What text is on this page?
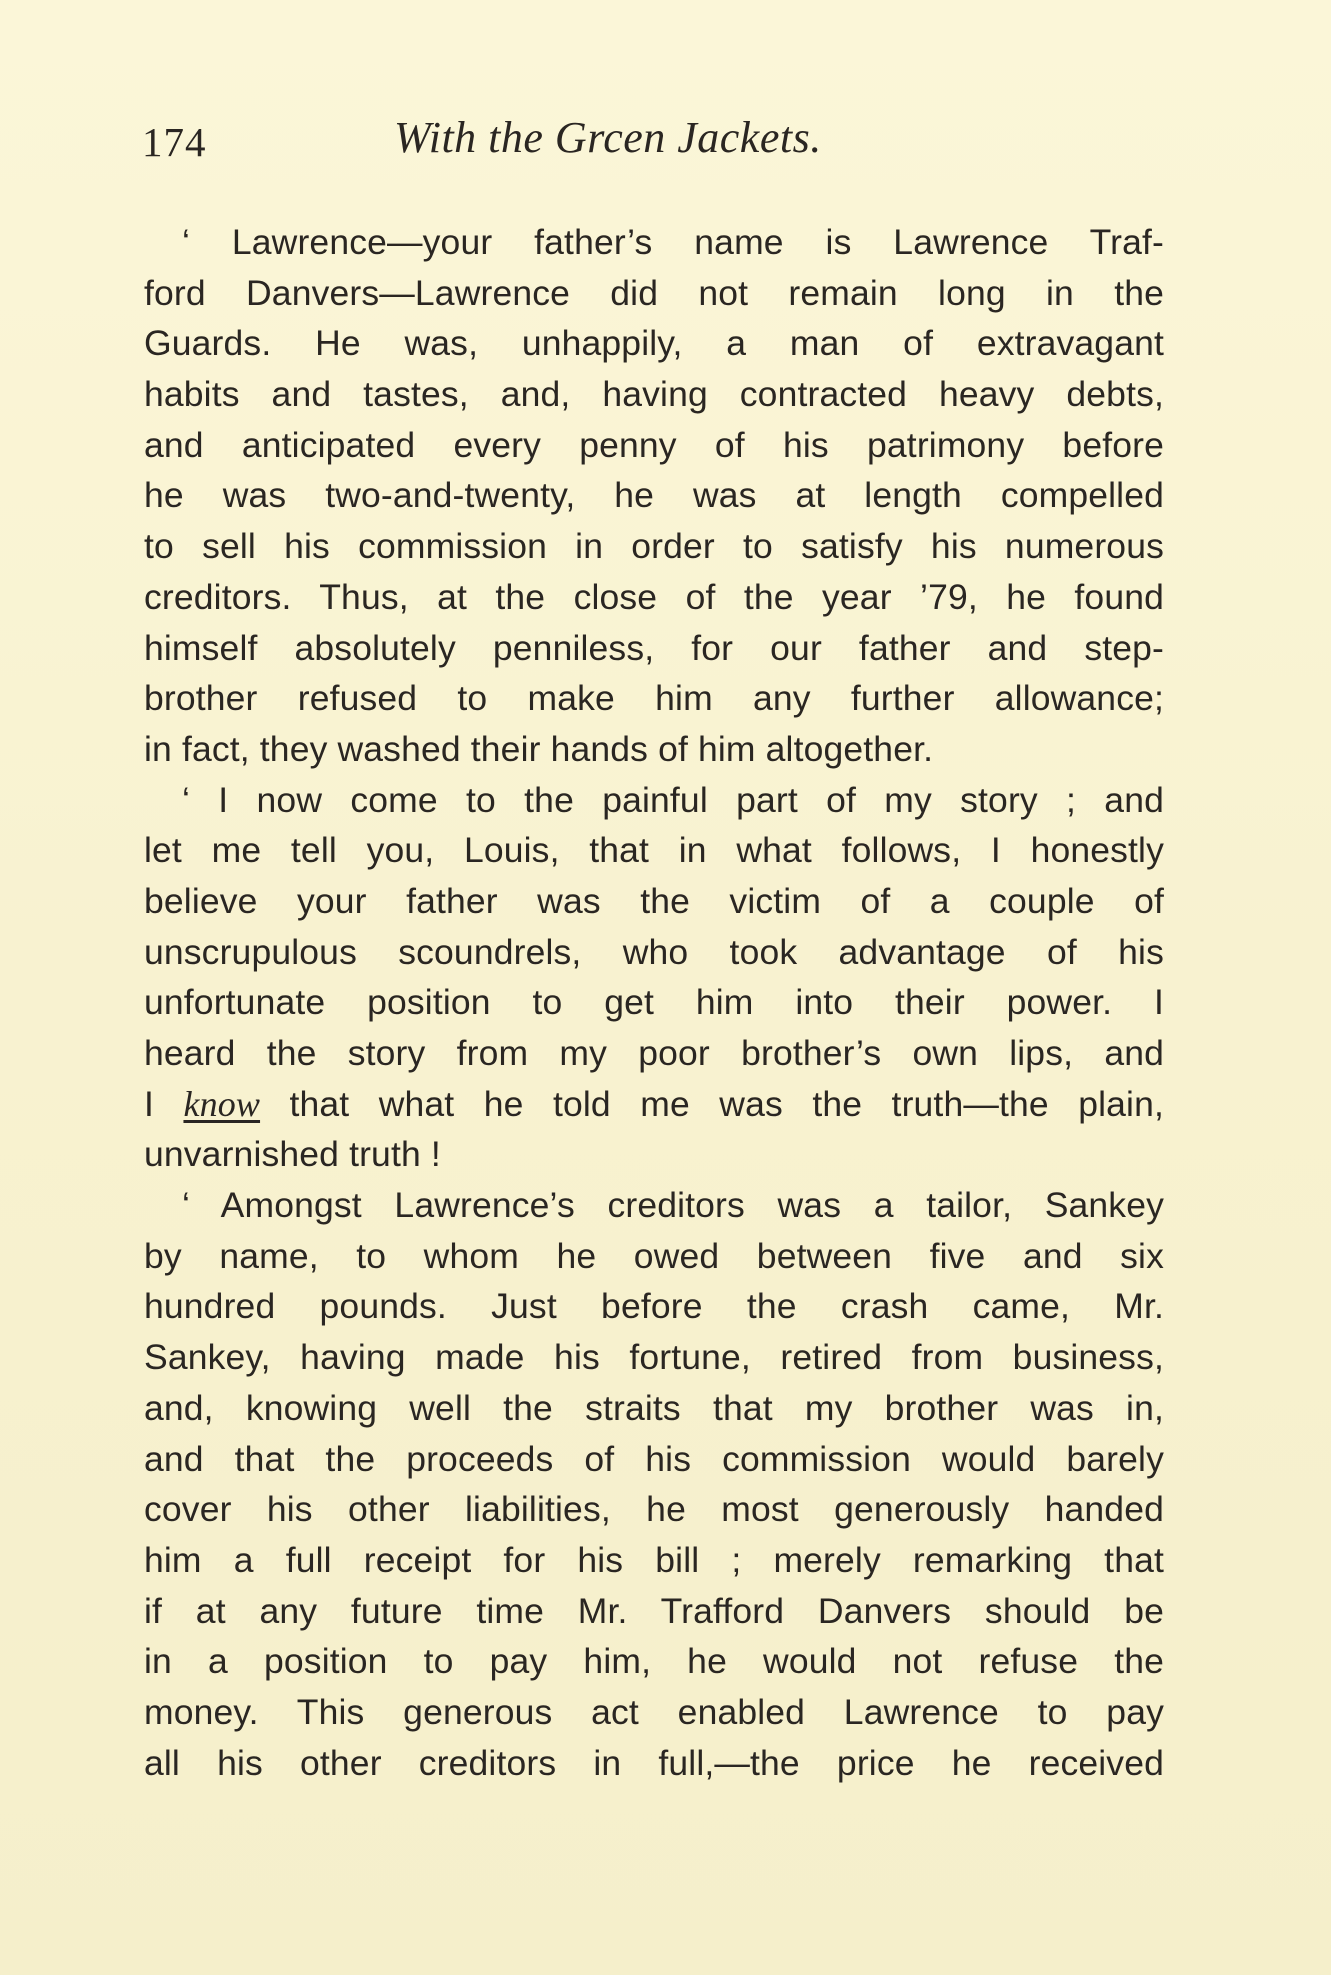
174	With the Grcen Jackets.
‘ Lawrence—your father’s name is Lawrence Traf-
ford Danvers—Lawrence did not remain long in the
Guards. He was, unhappily, a man of extravagant
habits and tastes, and, having contracted heavy debts,
and anticipated every penny of his patrimony before
he was two-and-twenty, he was at length compelled
to sell his commission in order to satisfy his numerous
creditors. Thus, at the close of the year ’79, he found
himself absolutely penniless, for our father and step-
brother refused to make him any further allowance;
in fact, they washed their hands of him altogether.
‘ I now come to the painful part of my story ; and
let me tell you, Louis, that in what follows, I honestly
believe your father was the victim of a couple of
unscrupulous scoundrels, who took advantage of his
unfortunate position to get him into their power. I
heard the story from my poor brother’s own lips, and
I know that what he told me was the truth—the plain,
unvarnished truth !
‘ Amongst Lawrence’s creditors was a tailor, Sankey
by name, to whom he owed between five and six
hundred pounds. Just before the crash came, Mr.
Sankey, having made his fortune, retired from business,
and, knowing well the straits that my brother was in,
and that the proceeds of his commission would barely
cover his other liabilities, he most generously handed
him a full receipt for his bill ; merely remarking that
if at any future time Mr. Trafford Danvers should be
in a position to pay him, he would not refuse the
money. This generous act enabled Lawrence to pay
all his other creditors in full,—the price he received
